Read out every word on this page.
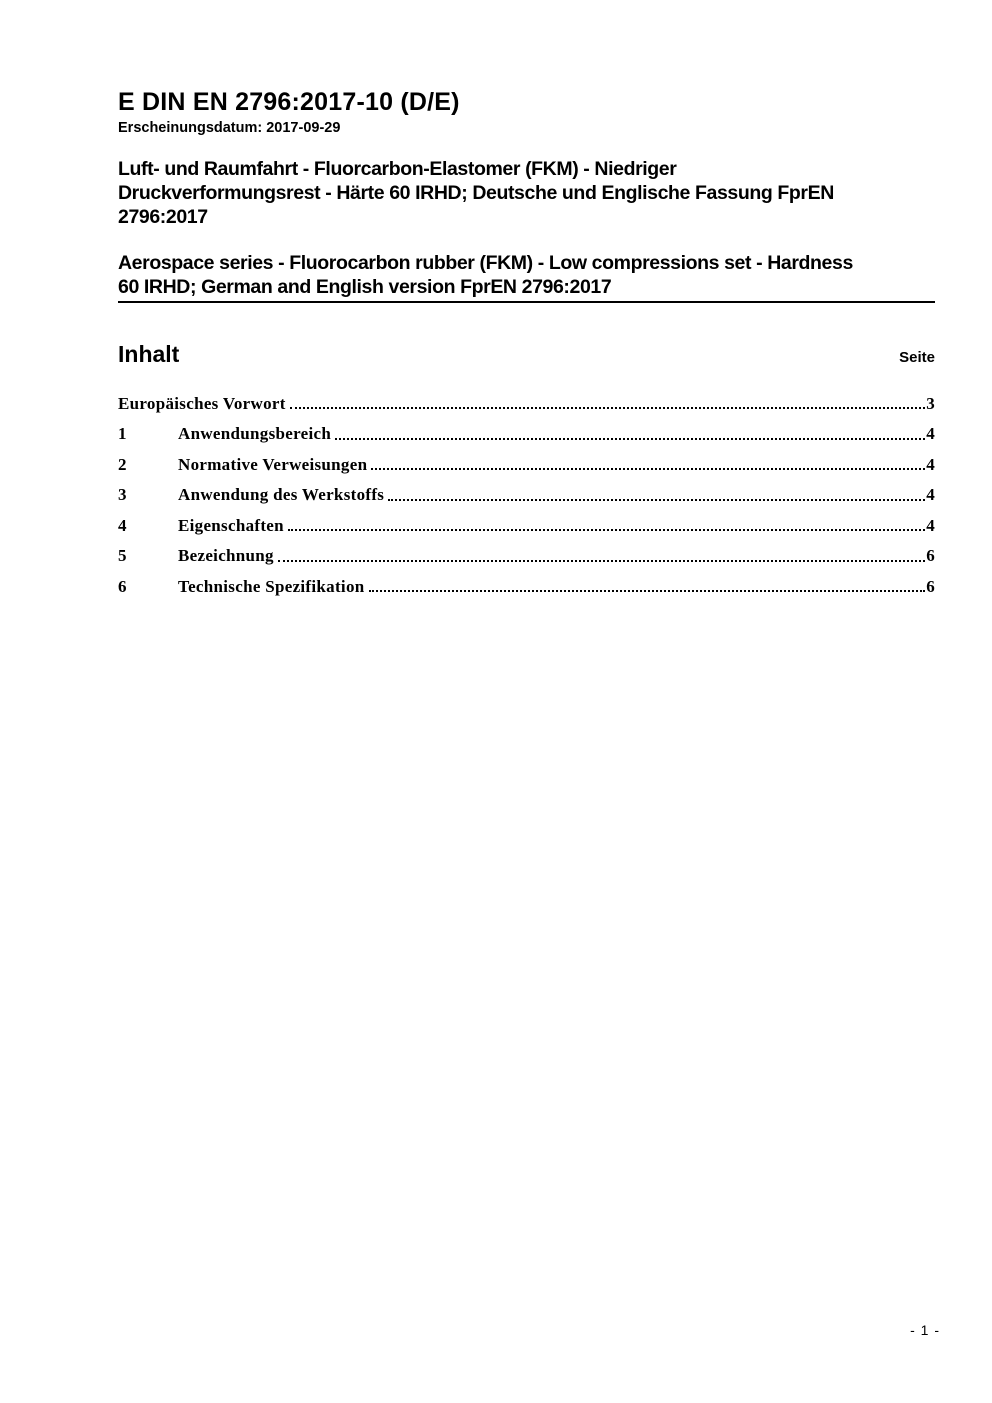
E DIN EN 2796:2017-10 (D/E)
Erscheinungsdatum: 2017-09-29
Luft- und Raumfahrt - Fluorcarbon-Elastomer (FKM) - Niedriger
Druckverformungsrest - Härte 60 IRHD; Deutsche und Englische Fassung FprEN
2796:2017
Aerospace series - Fluorocarbon rubber (FKM) - Low compressions set - Hardness
60 IRHD; German and English version FprEN 2796:2017
Inhalt	Seite
Europäisches Vorwort	3
1	Anwendungsbereich	4
2	Normative Verweisungen	4
3	Anwendung des Werkstoffs	4
4	Eigenschaften	4
5	Bezeichnung	6
6	Technische Spezifikation	6
- 1 -
